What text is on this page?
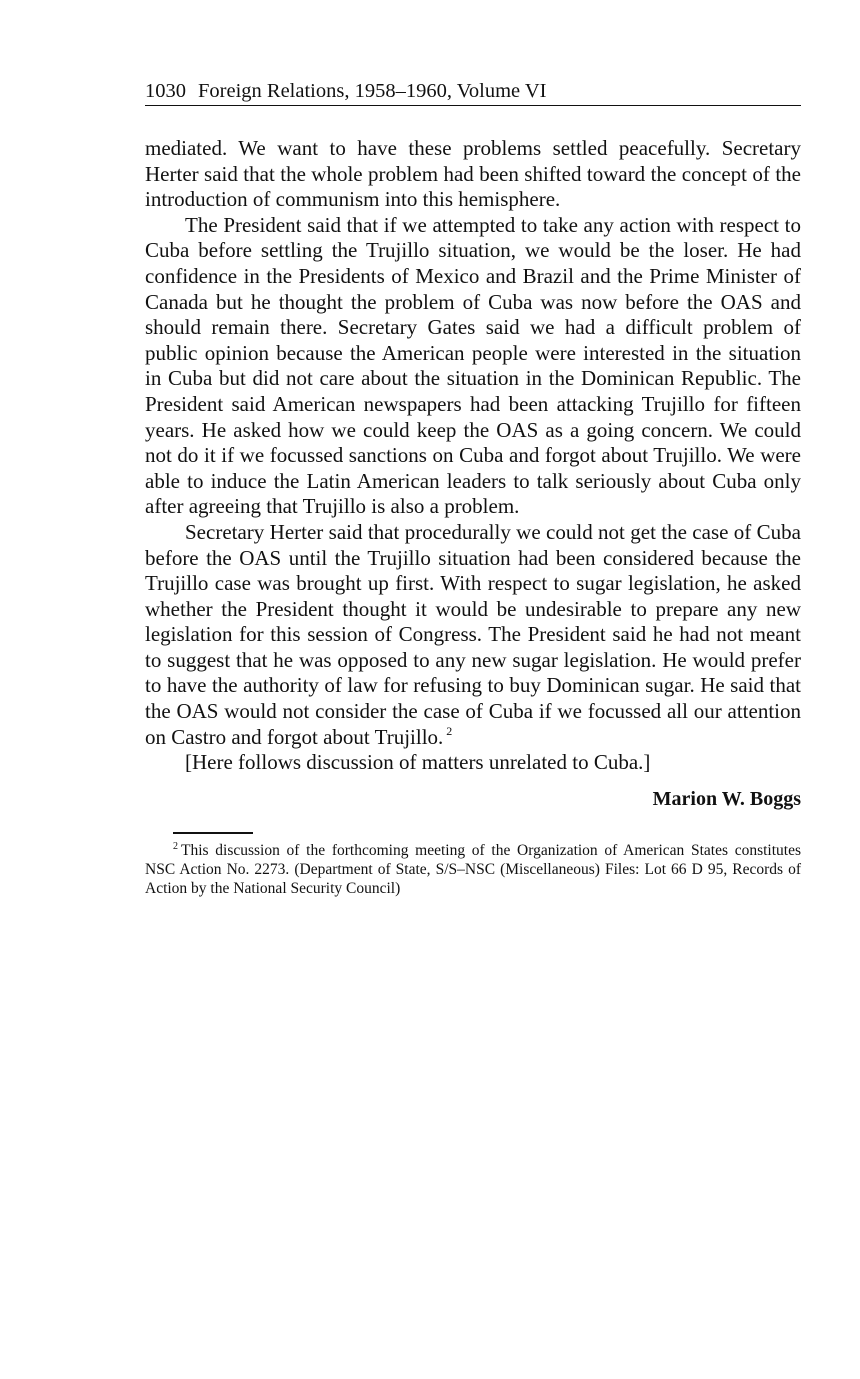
1030 Foreign Relations, 1958–1960, Volume VI

mediated. We want to have these problems settled peacefully. Secretary Herter said that the whole problem had been shifted toward the concept of the introduction of communism into this hemisphere.

The President said that if we attempted to take any action with respect to Cuba before settling the Trujillo situation, we would be the loser. He had confidence in the Presidents of Mexico and Brazil and the Prime Minister of Canada but he thought the problem of Cuba was now before the OAS and should remain there. Secretary Gates said we had a difficult problem of public opinion because the American people were interested in the situation in Cuba but did not care about the situation in the Dominican Republic. The President said American newspapers had been attacking Trujillo for fifteen years. He asked how we could keep the OAS as a going concern. We could not do it if we focussed sanctions on Cuba and forgot about Trujillo. We were able to induce the Latin American leaders to talk seriously about Cuba only after agreeing that Trujillo is also a problem.

Secretary Herter said that procedurally we could not get the case of Cuba before the OAS until the Trujillo situation had been considered because the Trujillo case was brought up first. With respect to sugar legislation, he asked whether the President thought it would be undesirable to prepare any new legislation for this session of Congress. The President said he had not meant to suggest that he was opposed to any new sugar legislation. He would prefer to have the authority of law for refusing to buy Dominican sugar. He said that the OAS would not consider the case of Cuba if we focussed all our attention on Castro and forgot about Trujillo. $^2$

[Here follows discussion of matters unrelated to Cuba.]

Marion W. Boggs
$^2$ This discussion of the forthcoming meeting of the Organization of American States constitutes NSC Action No. 2273. (Department of State, S/S–NSC (Miscellaneous) Files: Lot 66 D 95, Records of Action by the National Security Council)
